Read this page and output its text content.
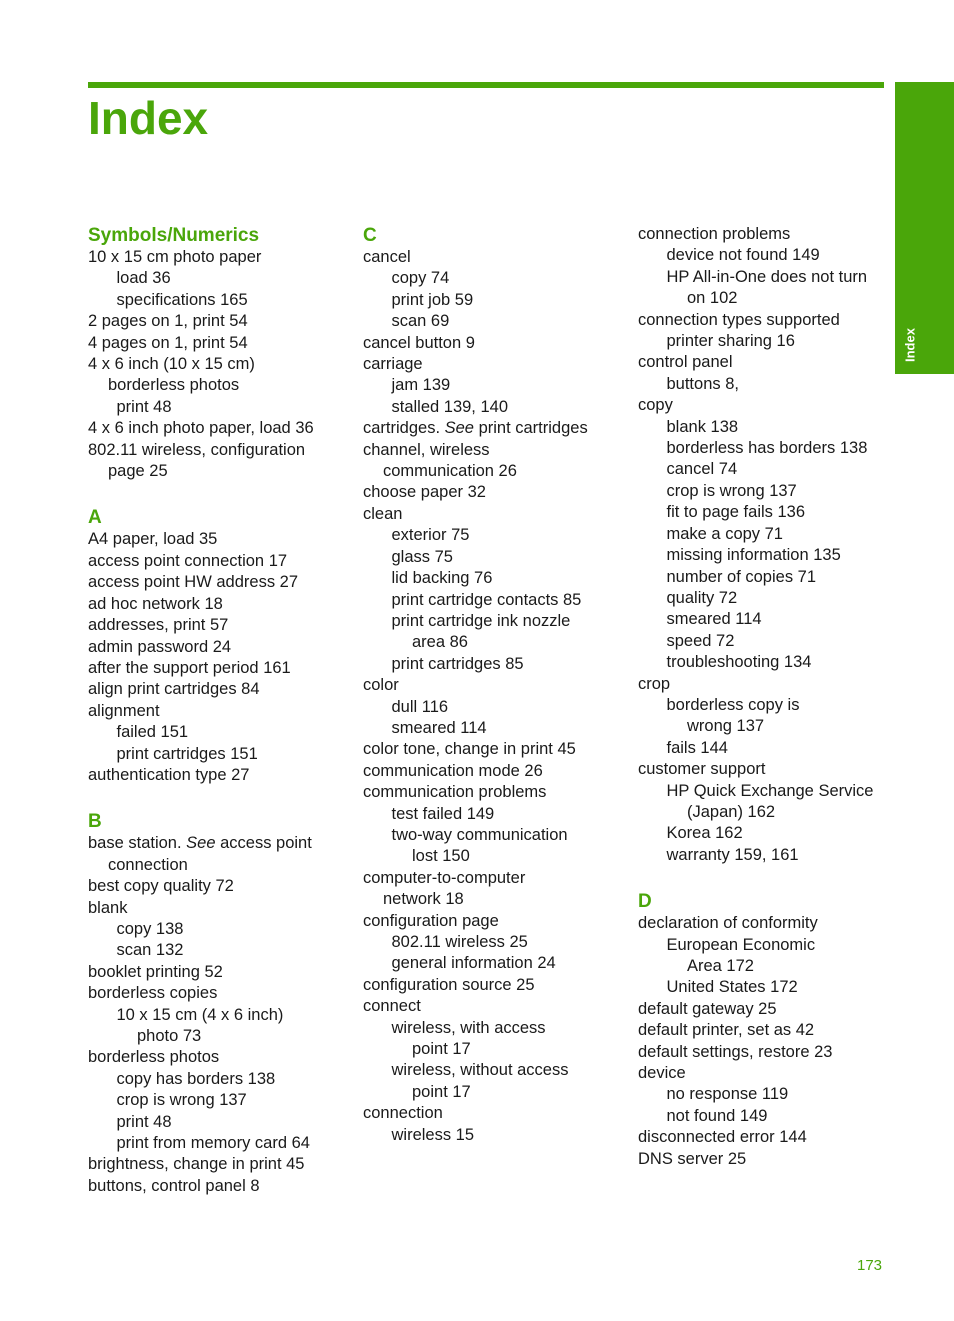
Index
Index
Symbols/Numerics
10 x 15 cm photo paper
load 36
specifications 165
2 pages on 1, print 54
4 pages on 1, print 54
4 x 6 inch (10 x 15 cm)
borderless photos
print 48
4 x 6 inch photo paper, load 36
802.11 wireless, configuration
page 25
A
A4 paper, load 35
access point connection 17
access point HW address 27
ad hoc network 18
addresses, print 57
admin password 24
after the support period 161
align print cartridges 84
alignment
failed 151
print cartridges 151
authentication type 27
B
base station. See access point
connection
best copy quality 72
blank
copy 138
scan 132
booklet printing 52
borderless copies
10 x 15 cm (4 x 6 inch)
photo 73
borderless photos
copy has borders 138
crop is wrong 137
print 48
print from memory card 64
brightness, change in print 45
buttons, control panel 8
C
cancel
copy 74
print job 59
scan 69
cancel button 9
carriage
jam 139
stalled 139, 140
cartridges. See print cartridges
channel, wireless
communication 26
choose paper 32
clean
exterior 75
glass 75
lid backing 76
print cartridge contacts 85
print cartridge ink nozzle
area 86
print cartridges 85
color
dull 116
smeared 114
color tone, change in print 45
communication mode 26
communication problems
test failed 149
two-way communication
lost 150
computer-to-computer
network 18
configuration page
802.11 wireless 25
general information 24
configuration source 25
connect
wireless, with access
point 17
wireless, without access
point 17
connection
wireless 15
connection problems
device not found 149
HP All-in-One does not turn
on 102
connection types supported
printer sharing 16
control panel
buttons 8,
copy
blank 138
borderless has borders 138
cancel 74
crop is wrong 137
fit to page fails 136
make a copy 71
missing information 135
number of copies 71
quality 72
smeared 114
speed 72
troubleshooting 134
crop
borderless copy is
wrong 137
fails 144
customer support
HP Quick Exchange Service
(Japan) 162
Korea 162
warranty 159, 161
D
declaration of conformity
European Economic
Area 172
United States 172
default gateway 25
default printer, set as 42
default settings, restore 23
device
no response 119
not found 149
disconnected error 144
DNS server 25
173
